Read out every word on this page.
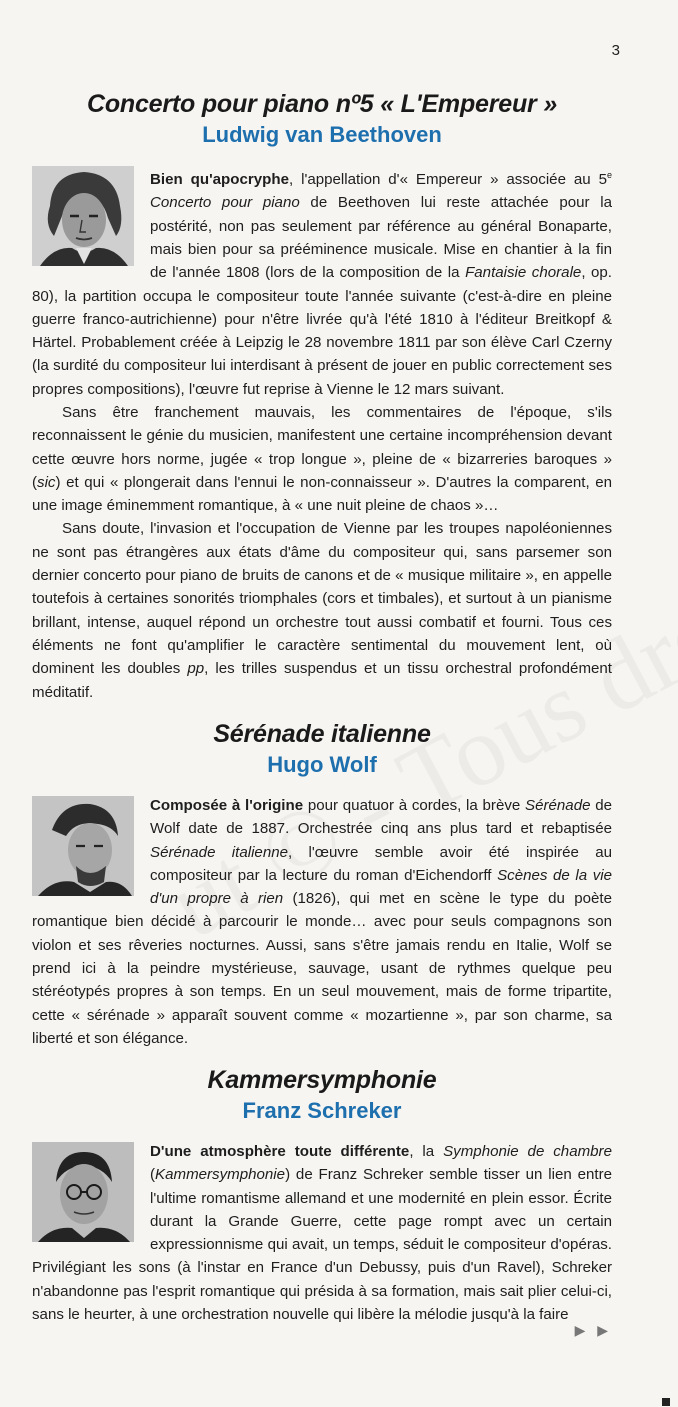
3
Concerto pour piano nº5 « L'Empereur »
Ludwig van Beethoven

Bien qu'apocryphe, l'appellation d'« Empereur » associée au 5e Concerto pour piano de Beethoven lui reste attachée pour la postérité, non pas seulement par référence au général Bonaparte, mais bien pour sa prééminence musicale. Mise en chantier à la fin de l'année 1808 (lors de la composition de la Fantaisie chorale, op. 80), la partition occupa le compositeur toute l'année suivante (c'est-à-dire en pleine guerre franco-autrichienne) pour n'être livrée qu'à l'été 1810 à l'éditeur Breitkopf & Härtel. Probablement créée à Leipzig le 28 novembre 1811 par son élève Carl Czerny (la surdité du compositeur lui interdisant à présent de jouer en public correctement ses propres compositions), l'œuvre fut reprise à Vienne le 12 mars suivant.

Sans être franchement mauvais, les commentaires de l'époque, s'ils reconnaissent le génie du musicien, manifestent une certaine incompréhension devant cette œuvre hors norme, jugée « trop longue », pleine de « bizarreries baroques » (sic) et qui « plongerait dans l'ennui le non-connaisseur ». D'autres la comparent, en une image éminemment romantique, à « une nuit pleine de chaos »…

Sans doute, l'invasion et l'occupation de Vienne par les troupes napoléoniennes ne sont pas étrangères aux états d'âme du compositeur qui, sans parsemer son dernier concerto pour piano de bruits de canons et de « musique militaire », en appelle toutefois à certaines sonorités triomphales (cors et timbales), et surtout à un pianisme brillant, intense, auquel répond un orchestre tout aussi combatif et fourni. Tous ces éléments ne font qu'amplifier le caractère sentimental du mouvement lent, où dominent les doubles pp, les trilles suspendus et un tissu orchestral profondément méditatif.

Sérénade italienne
Hugo Wolf

Composée à l'origine pour quatuor à cordes, la brève Sérénade de Wolf date de 1887. Orchestrée cinq ans plus tard et rebaptisée Sérénade italienne, l'œuvre semble avoir été inspirée au compositeur par la lecture du roman d'Eichendorff Scènes de la vie d'un propre à rien (1826), qui met en scène le type du poète romantique bien décidé à parcourir le monde… avec pour seuls compagnons son violon et ses rêveries nocturnes. Aussi, sans s'être jamais rendu en Italie, Wolf se prend ici à la peindre mystérieuse, sauvage, usant de rythmes quelque peu stéréotypés propres à son temps. En un seul mouvement, mais de forme tripartite, cette « sérénade » apparaît souvent comme « mozartienne », par son charme, sa liberté et son élégance.

Kammersymphonie
Franz Schreker

D'une atmosphère toute différente, la Symphonie de chambre (Kammersymphonie) de Franz Schreker semble tisser un lien entre l'ultime romantisme allemand et une modernité en plein essor. Écrite durant la Grande Guerre, cette page rompt avec un certain expressionnisme qui avait, un temps, séduit le compositeur d'opéras. Privilégiant les sons (à l'instar en France d'un Debussy, puis d'un Ravel), Schreker n'abandonne pas l'esprit romantique qui présida à sa formation, mais sait plier celui-ci, sans le heurter, à une orchestration nouvelle qui libère la mélodie jusqu'à la faire

▶ ▶
